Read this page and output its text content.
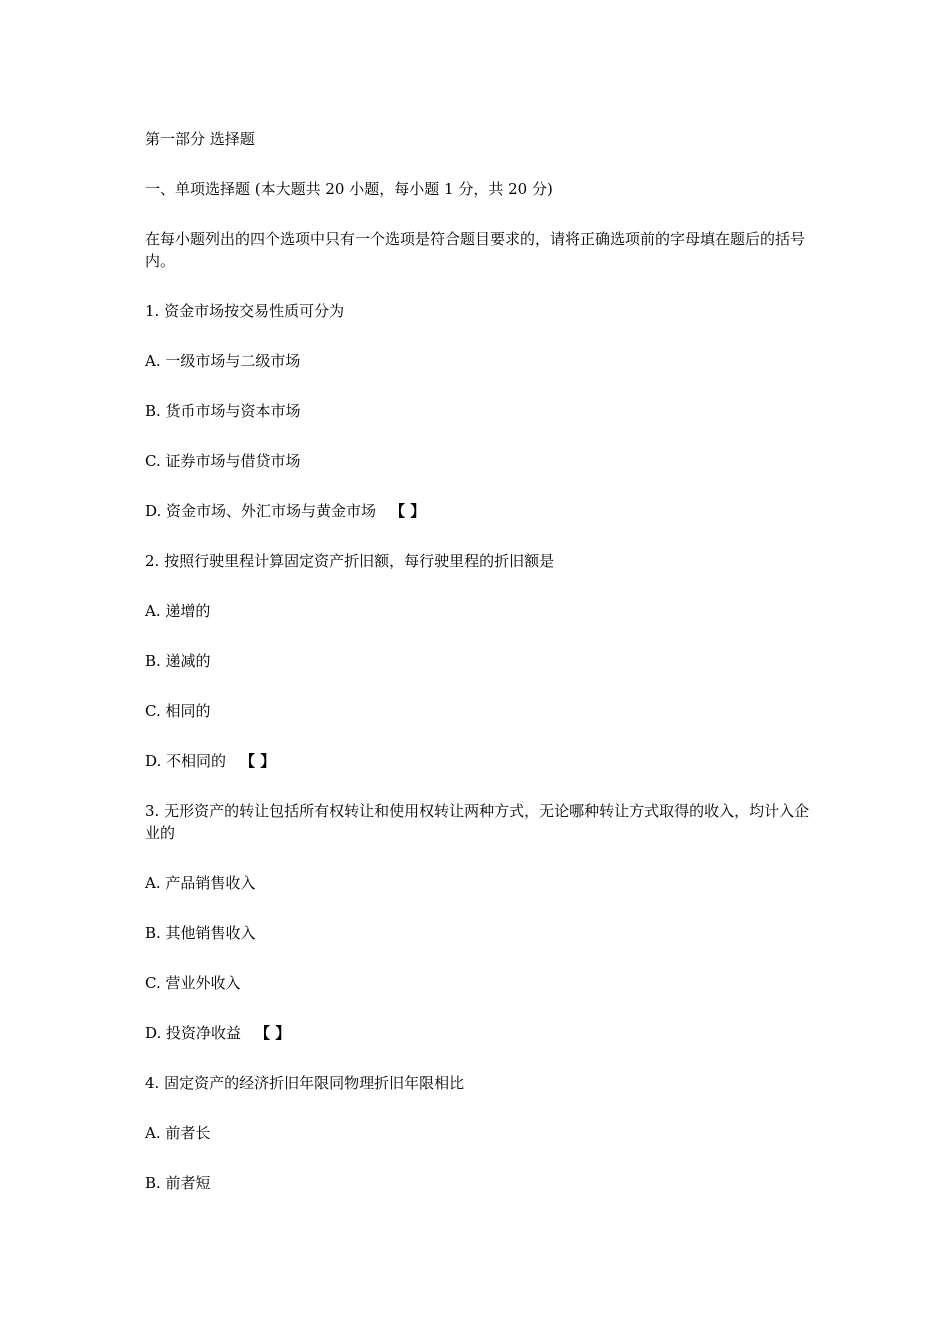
第一部分 选择题

一、单项选择题 (本大题共 20 小题，每小题 1 分，共 20 分)

在每小题列出的四个选项中只有一个选项是符合题目要求的，请将正确选项前的字母填在题后的括号内。

1. 资金市场按交易性质可分为

A. 一级市场与二级市场

B. 货币市场与资本市场

C. 证券市场与借贷市场

D. 资金市场、外汇市场与黄金市场 【 】

2. 按照行驶里程计算固定资产折旧额，每行驶里程的折旧额是

A. 递增的

B. 递减的

C. 相同的

D. 不相同的 【 】

3. 无形资产的转让包括所有权转让和使用权转让两种方式，无论哪种转让方式取得的收入，均计入企业的

A. 产品销售收入

B. 其他销售收入

C. 营业外收入

D. 投资净收益 【 】

4. 固定资产的经济折旧年限同物理折旧年限相比

A. 前者长

B. 前者短
